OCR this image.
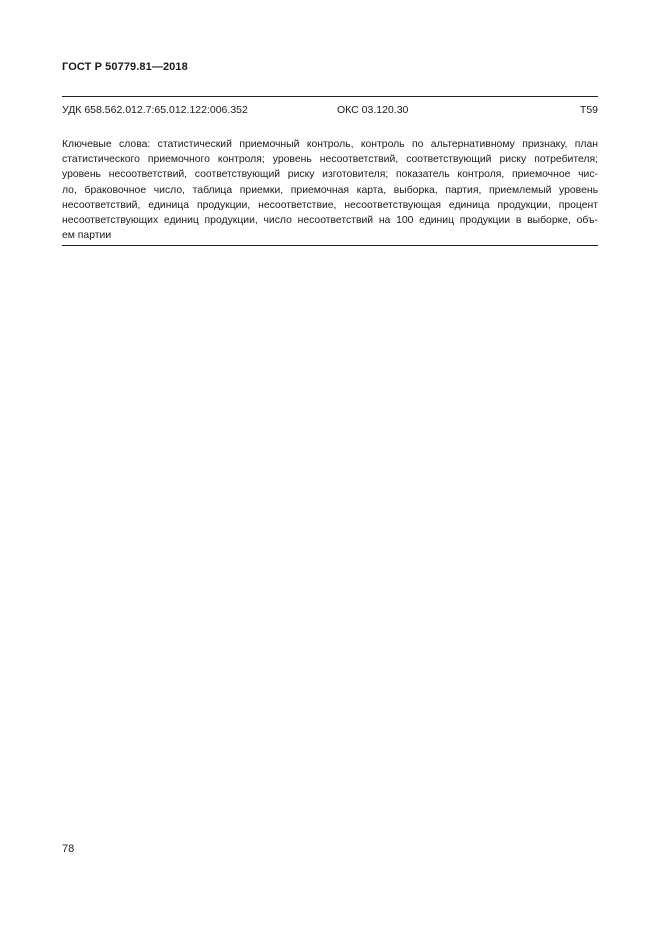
ГОСТ Р 50779.81—2018
УДК 658.562.012.7:65.012.122:006.352	ОКС 03.120.30	Т59

Ключевые слова: статистический приемочный контроль, контроль по альтернативному признаку, план
статистического приемочного контроля; уровень несоответствий, соответствующий риску потребителя;
уровень несоответствий, соответствующий риску изготовителя; показатель контроля, приемочное чис-
ло, браковочное число, таблица приемки, приемочная карта, выборка, партия, приемлемый уровень
несоответствий, единица продукции, несоответствие, несоответствующая единица продукции, процент
несоответствующих единиц продукции, число несоответствий на 100 единиц продукции в выборке, объ-
ем партии

78
